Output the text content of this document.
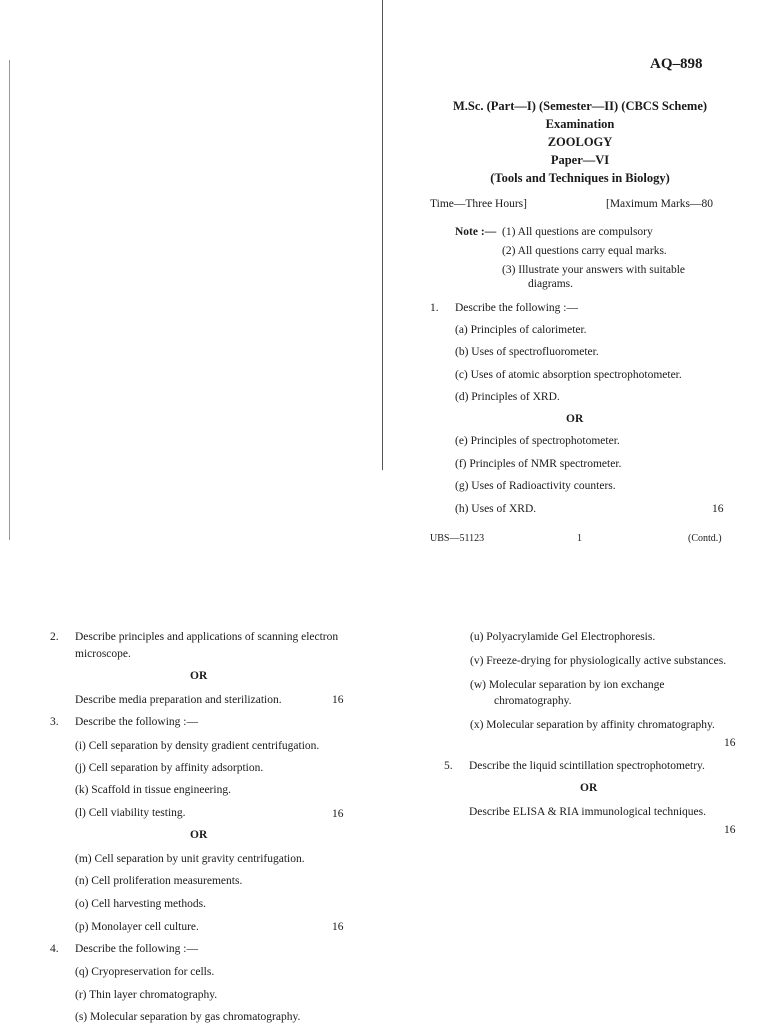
AQ–898
M.Sc. (Part—I) (Semester—II) (CBCS Scheme)
Examination
ZOOLOGY
Paper—VI
(Tools and Techniques in Biology)
Time—Three Hours]	[Maximum Marks—80
Note :— (1) All questions are compulsory
(2) All questions carry equal marks.
(3) Illustrate your answers with suitable
diagrams.
1. Describe the following :—
(a) Principles of calorimeter.
(b) Uses of spectrofluorometer.
(c) Uses of atomic absorption spectrophotometer.
(d) Principles of XRD.
OR
(e) Principles of spectrophotometer.
(f) Principles of NMR spectrometer.
(g) Uses of Radioactivity counters.
(h) Uses of XRD.	16
UBS—51123	1	(Contd.)
2. Describe principles and applications of scanning electron
microscope.
OR
Describe media preparation and sterilization.	16
3. Describe the following :—
(i) Cell separation by density gradient centrifugation.
(j) Cell separation by affinity adsorption.
(k) Scaffold in tissue engineering.
(l) Cell viability testing.	16
OR
(m) Cell separation by unit gravity centrifugation.
(n) Cell proliferation measurements.
(o) Cell harvesting methods.
(p) Monolayer cell culture.	16
4. Describe the following :—
(q) Cryopreservation for cells.
(r) Thin layer chromatography.
(s) Molecular separation by gas chromatography.
(u) Polyacrylamide Gel Electrophoresis.
(v) Freeze-drying for physiologically active substances.
(w) Molecular separation by ion exchange
chromatography.
(x) Molecular separation by affinity chromatography.
16
5. Describe the liquid scintillation spectrophotometry.
OR
Describe ELISA & RIA immunological techniques.
16
